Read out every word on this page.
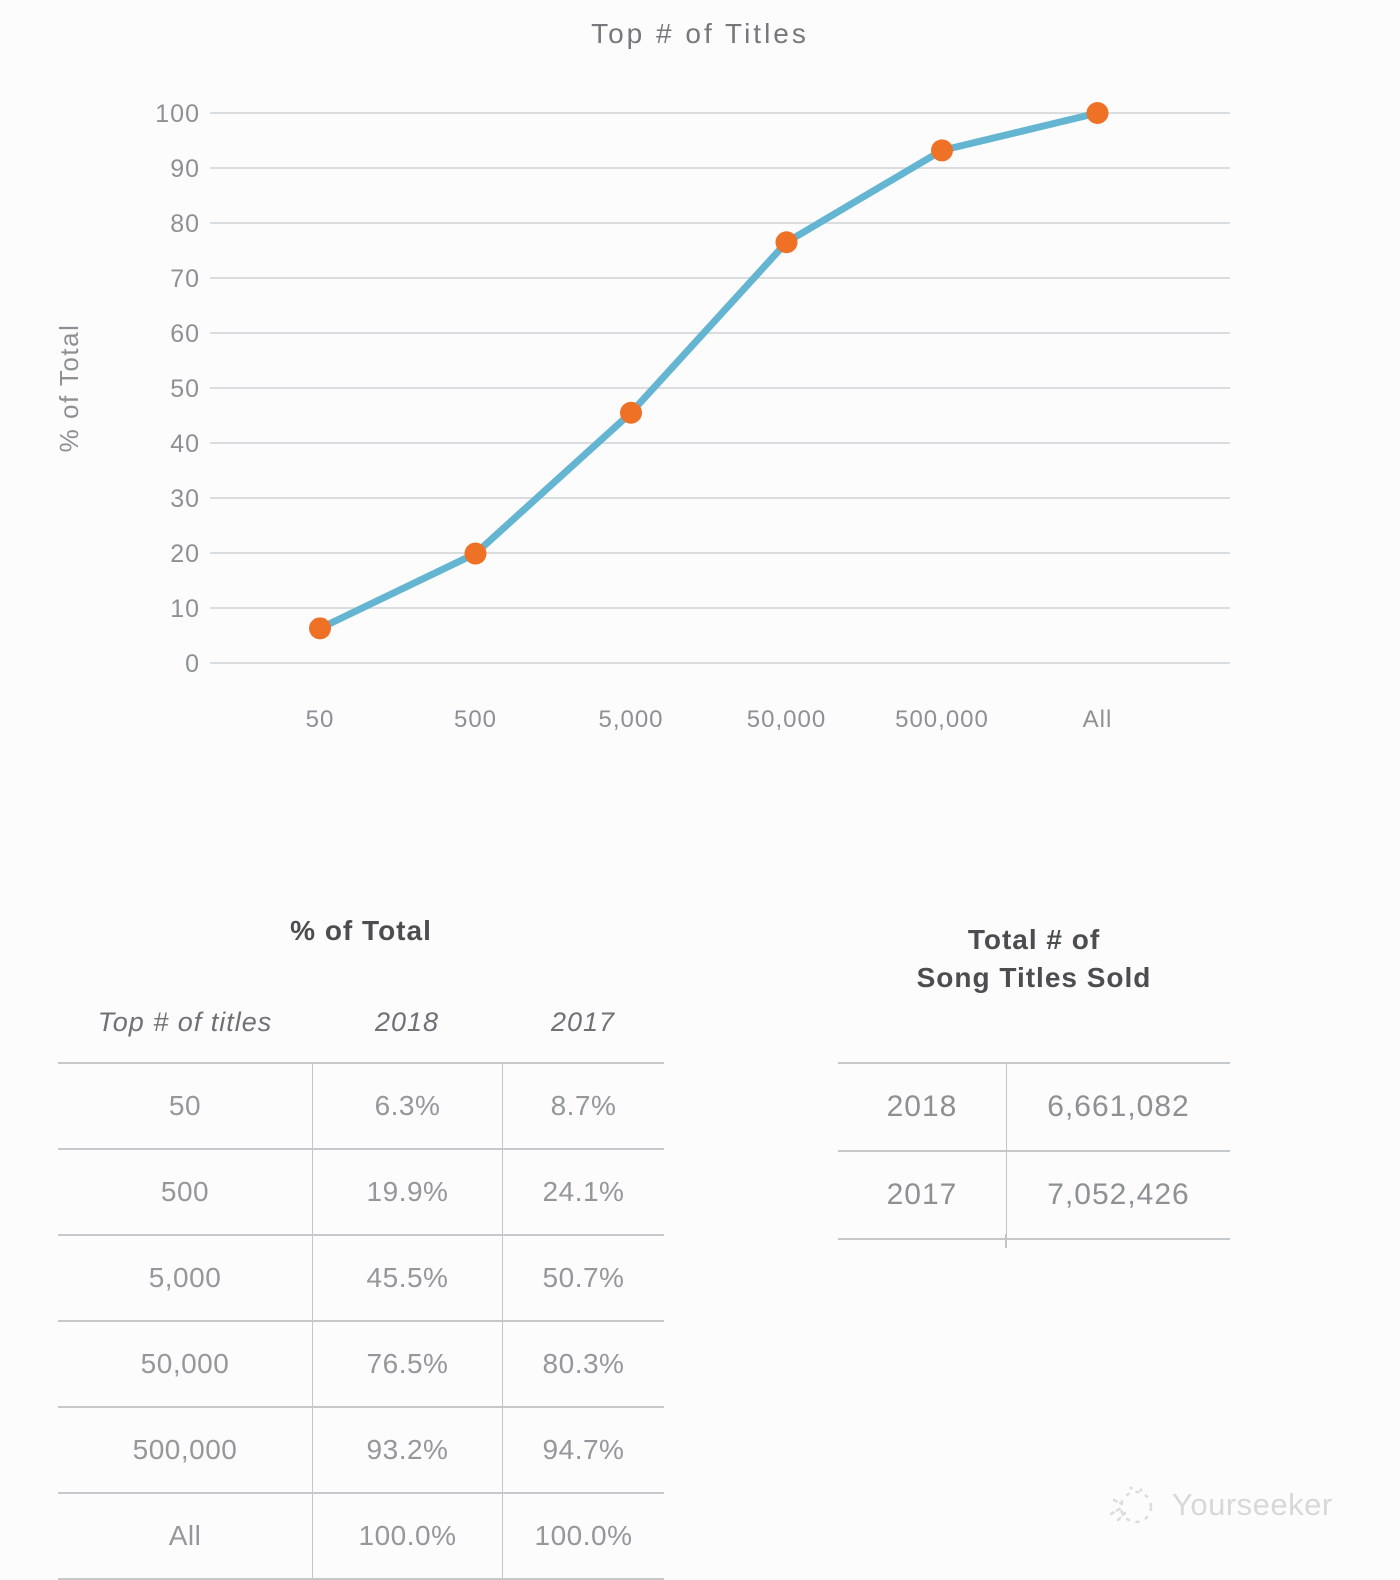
Top # of Titles
0
10
20
30
40
50
60
70
80
90
100
50	500	5,000	50,000	500,000	All
% of Total
% of Total
Top # of titles	2018	2017
50	6.3%	8.7%
500	19.9%	24.1%
5,000	45.5%	50.7%
50,000	76.5%	80.3%
500,000	93.2%	94.7%
All	100.0%	100.0%
Total # of
Song Titles Sold
2018	6,661,082
2017	7,052,426
Yourseeker
